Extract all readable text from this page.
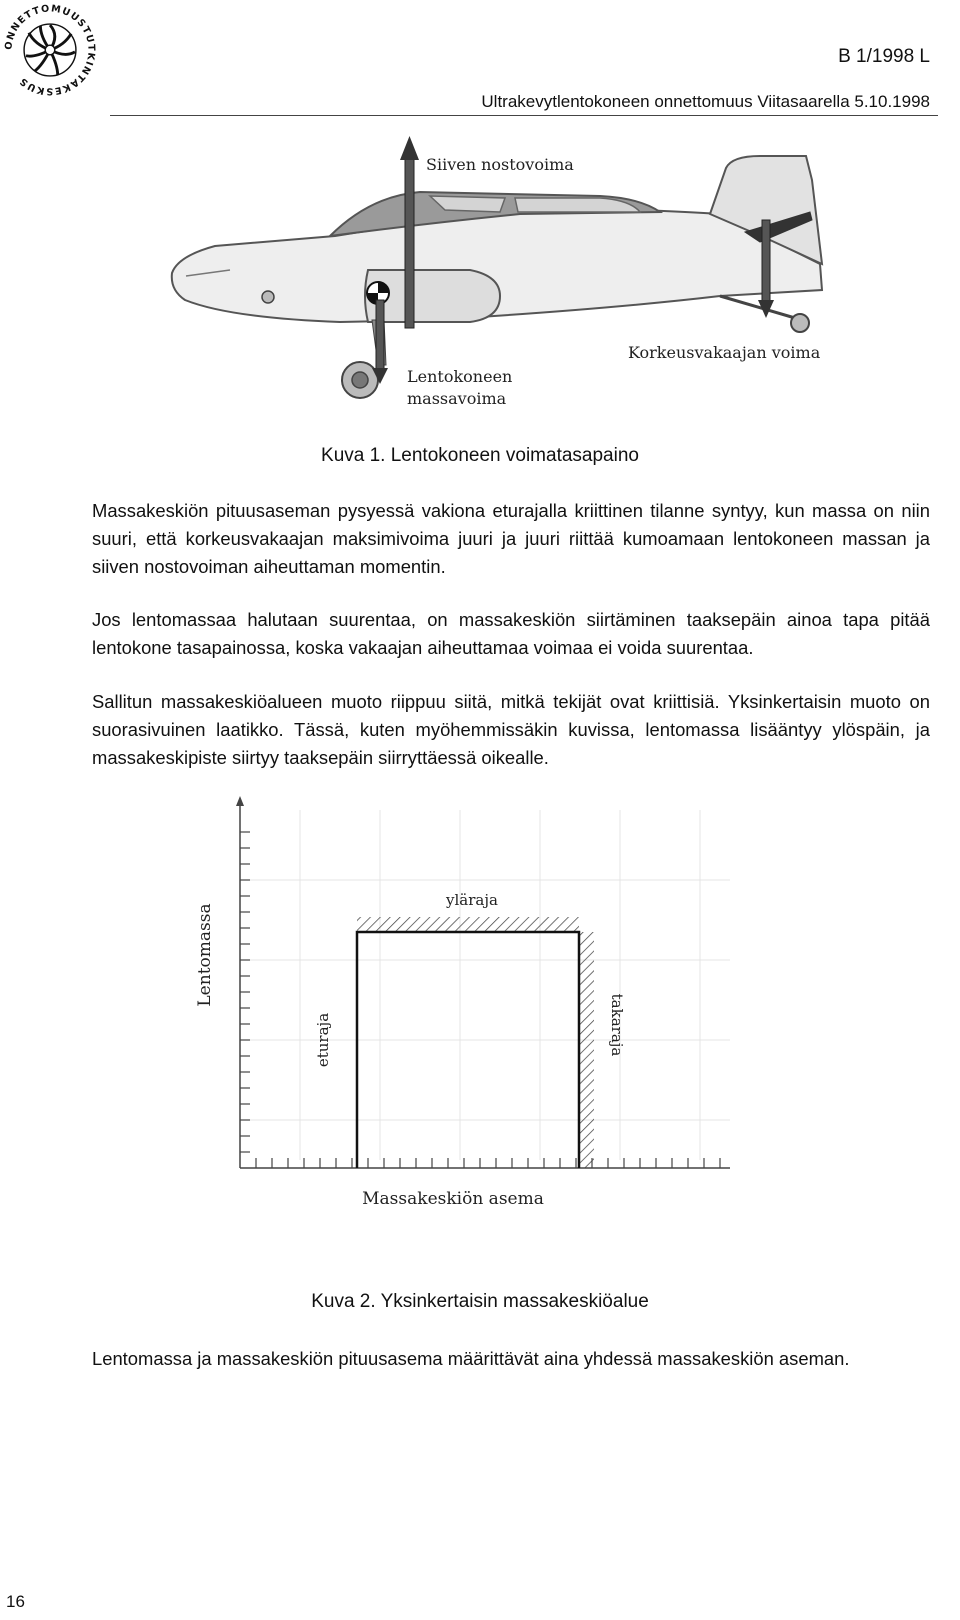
ONNETTOMUUSTUTKINTAKESKUS
B 1/1998 L
Ultrakevytlentokoneen onnettomuus Viitasaarella 5.10.1998
Siiven nostovoima
Korkeusvakaajan voima
Lentokoneen
massavoima
Kuva 1. Lentokoneen voimatasapaino

Massakeskiön pituusaseman pysyessä vakiona eturajalla kriittinen tilanne syntyy, kun massa on niin suuri, että korkeusvakaajan maksimivoima juuri ja juuri riittää kumoamaan lentokoneen massan ja siiven nostovoiman aiheuttaman momentin.

Jos lentomassaa halutaan suurentaa, on massakeskiön siirtäminen taaksepäin ainoa tapa pitää lentokone tasapainossa, koska vakaajan aiheuttamaa voimaa ei voida suurentaa.

Sallitun massakeskiöalueen muoto riippuu siitä, mitkä tekijät ovat kriittisiä. Yksinkertaisin muoto on suorasivuinen laatikko. Tässä, kuten myöhemmissäkin kuvissa, lentomassa lisääntyy ylöspäin, ja massakeskipiste siirtyy taaksepäin siirryttäessä oikealle.

yläraja
eturaja	takaraja
Lentomassa
Massakeskiön asema
Kuva 2. Yksinkertaisin massakeskiöalue

Lentomassa ja massakeskiön pituusasema määrittävät aina yhdessä massakeskiön aseman.

16
